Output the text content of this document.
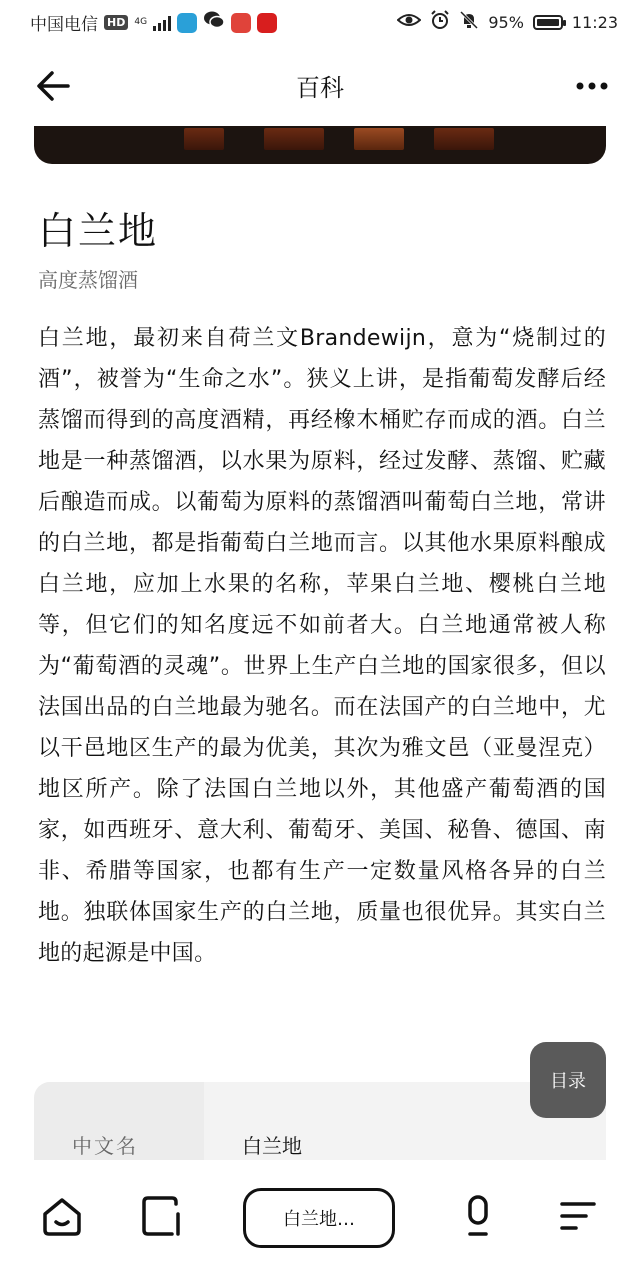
中国电信 HD	4G	95%	11:23
百科
白兰地
高度蒸馏酒

白兰地，最初来自荷兰文Brandewijn，意为“烧制过的酒”，被誉为“生命之水”。狭义上讲，是指葡萄发酵后经蒸馏而得到的高度酒精，再经橡木桶贮存而成的酒。白兰地是一种蒸馏酒，以水果为原料，经过发酵、蒸馏、贮藏后酿造而成。以葡萄为原料的蒸馏酒叫葡萄白兰地，常讲的白兰地，都是指葡萄白兰地而言。以其他水果原料酿成白兰地，应加上水果的名称，苹果白兰地、樱桃白兰地等，但它们的知名度远不如前者大。白兰地通常被人称为“葡萄酒的灵魂”。世界上生产白兰地的国家很多，但以法国出品的白兰地最为驰名。而在法国产的白兰地中，尤以干邑地区生产的最为优美，其次为雅文邑（亚曼涅克）地区所产。除了法国白兰地以外，其他盛产葡萄酒的国家，如西班牙、意大利、葡萄牙、美国、秘鲁、德国、南非、希腊等国家，也都有生产一定数量风格各异的白兰地。独联体国家生产的白兰地，质量也很优异。其实白兰地的起源是中国。

中文名	白兰地
目录
白兰地…
